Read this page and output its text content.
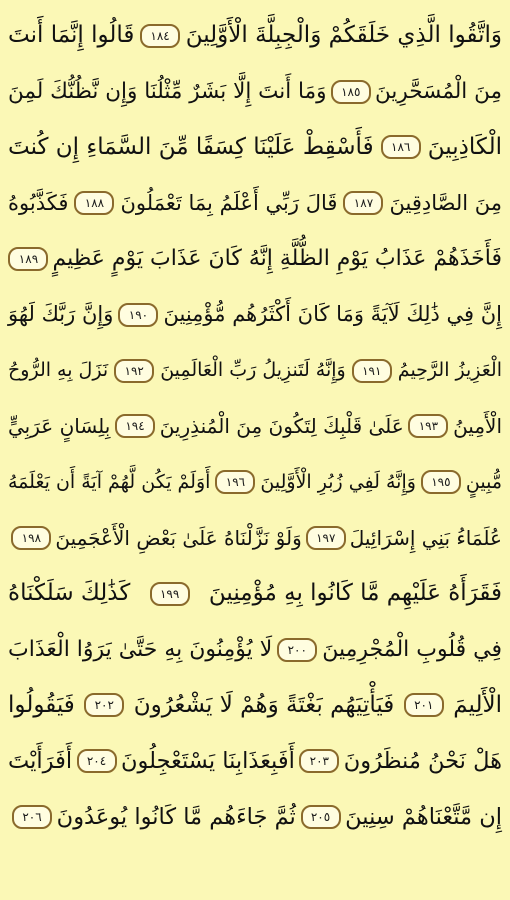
وَاتَّقُوا الَّذِي خَلَقَكُمْ وَالْجِبِلَّةَ الْأَوَّلِينَ
١٨٤
قَالُوا إِنَّمَا أَنتَ
مِنَ الْمُسَحَّرِينَ
١٨٥
وَمَا أَنتَ إِلَّا بَشَرٌ مِّثْلُنَا وَإِن نَّظُنُّكَ لَمِنَ
الْكَاذِبِينَ
١٨٦
فَأَسْقِطْ عَلَيْنَا كِسَفًا مِّنَ السَّمَاءِ إِن كُنتَ
مِنَ الصَّادِقِينَ
١٨٧
قَالَ رَبِّي أَعْلَمُ بِمَا تَعْمَلُونَ
١٨٨
فَكَذَّبُوهُ
فَأَخَذَهُمْ عَذَابُ يَوْمِ الظُّلَّةِ إِنَّهُ كَانَ عَذَابَ يَوْمٍ عَظِيمٍ
١٨٩
إِنَّ فِي ذَٰلِكَ لَآيَةً وَمَا كَانَ أَكْثَرُهُم مُّؤْمِنِينَ
١٩٠
وَإِنَّ رَبَّكَ لَهُوَ
الْعَزِيزُ الرَّحِيمُ
١٩١
وَإِنَّهُ لَتَنزِيلُ رَبِّ الْعَالَمِينَ
١٩٢
نَزَلَ بِهِ الرُّوحُ
الْأَمِينُ
١٩٣
عَلَىٰ قَلْبِكَ لِتَكُونَ مِنَ الْمُنذِرِينَ
١٩٤
بِلِسَانٍ عَرَبِيٍّ
مُّبِينٍ
١٩٥
وَإِنَّهُ لَفِي زُبُرِ الْأَوَّلِينَ
١٩٦
أَوَلَمْ يَكُن لَّهُمْ آيَةً أَن يَعْلَمَهُ
عُلَمَاءُ بَنِي إِسْرَائِيلَ
١٩٧
وَلَوْ نَزَّلْنَاهُ عَلَىٰ بَعْضِ الْأَعْجَمِينَ
١٩٨
فَقَرَأَهُ عَلَيْهِم مَّا كَانُوا بِهِ مُؤْمِنِينَ
١٩٩
كَذَٰلِكَ سَلَكْنَاهُ
فِي قُلُوبِ الْمُجْرِمِينَ
٢٠٠
لَا يُؤْمِنُونَ بِهِ حَتَّىٰ يَرَوُا الْعَذَابَ
الْأَلِيمَ
٢٠١
فَيَأْتِيَهُم بَغْتَةً وَهُمْ لَا يَشْعُرُونَ
٢٠٢
فَيَقُولُوا
هَلْ نَحْنُ مُنظَرُونَ
٢٠٣
أَفَبِعَذَابِنَا يَسْتَعْجِلُونَ
٢٠٤
أَفَرَأَيْتَ
إِن مَّتَّعْنَاهُمْ سِنِينَ
٢٠٥
ثُمَّ جَاءَهُم مَّا كَانُوا يُوعَدُونَ
٢٠٦
